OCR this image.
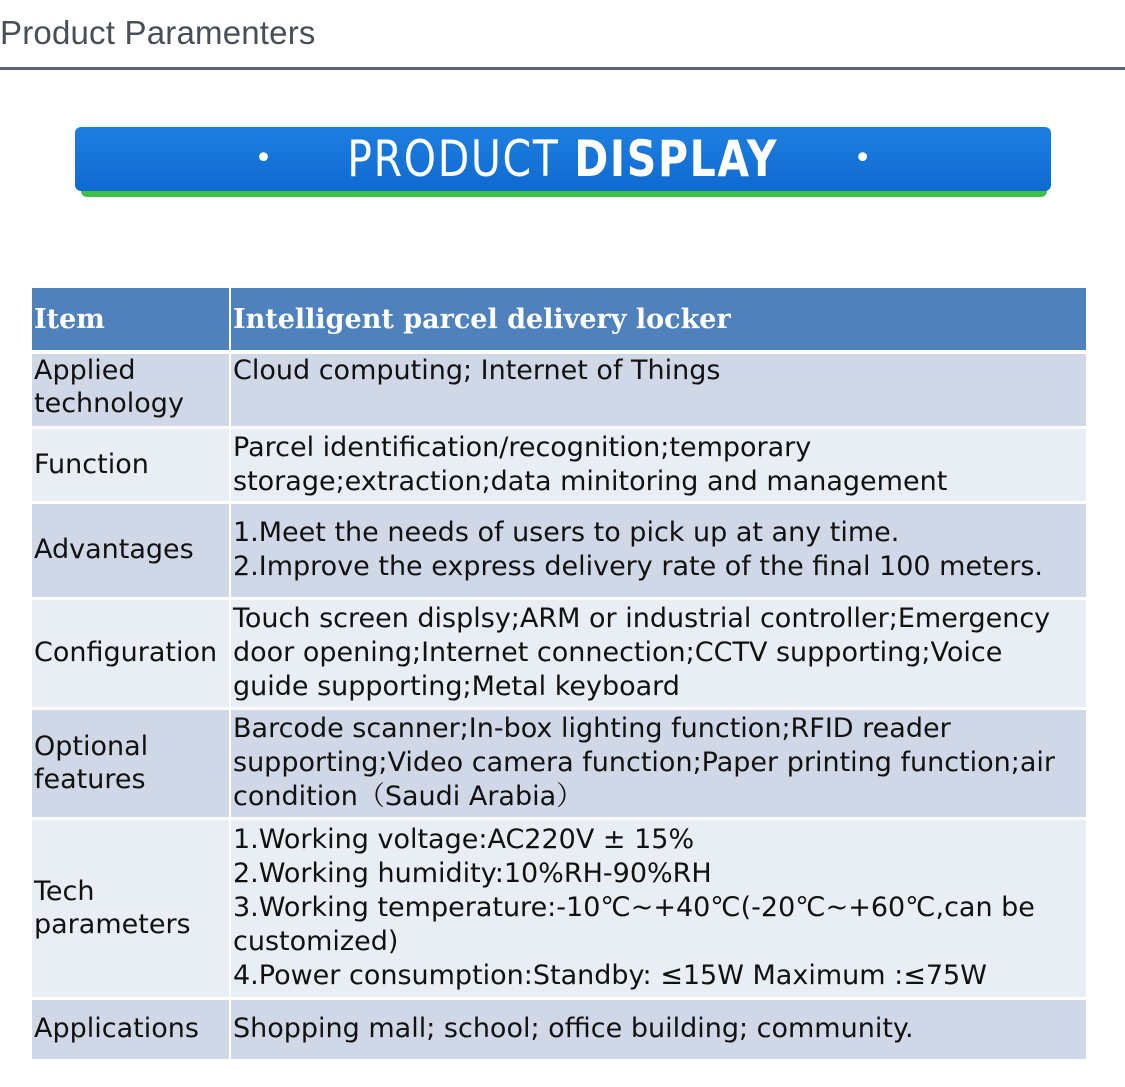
Product Paramenters
• PRODUCT DISPLAY	•
Item	Intelligent parcel delivery locker
Applied technology	Cloud computing; Internet of Things
Function	Parcel identification/recognition;temporary
storage;extraction;data minitoring and management
Advantages	1.Meet the needs of users to pick up at any time.
2.Improve the express delivery rate of the final 100 meters.
Configuration	Touch screen displsy;ARM or industrial controller;Emergency
door opening;Internet connection;CCTV supporting;Voice
guide supporting;Metal keyboard
Optional features	Barcode scanner;In-box lighting function;RFID reader
supporting;Video camera function;Paper printing function;air
condition（Saudi Arabia）
Tech parameters	1.Working voltage:AC220V ± 15%
2.Working humidity:10%RH-90%RH
3.Working temperature:-10℃~+40℃(-20℃~+60℃,can be
customized)
4.Power consumption:Standby: ≤15W Maximum :≤75W
Applications	Shopping mall; school; office building; community.
